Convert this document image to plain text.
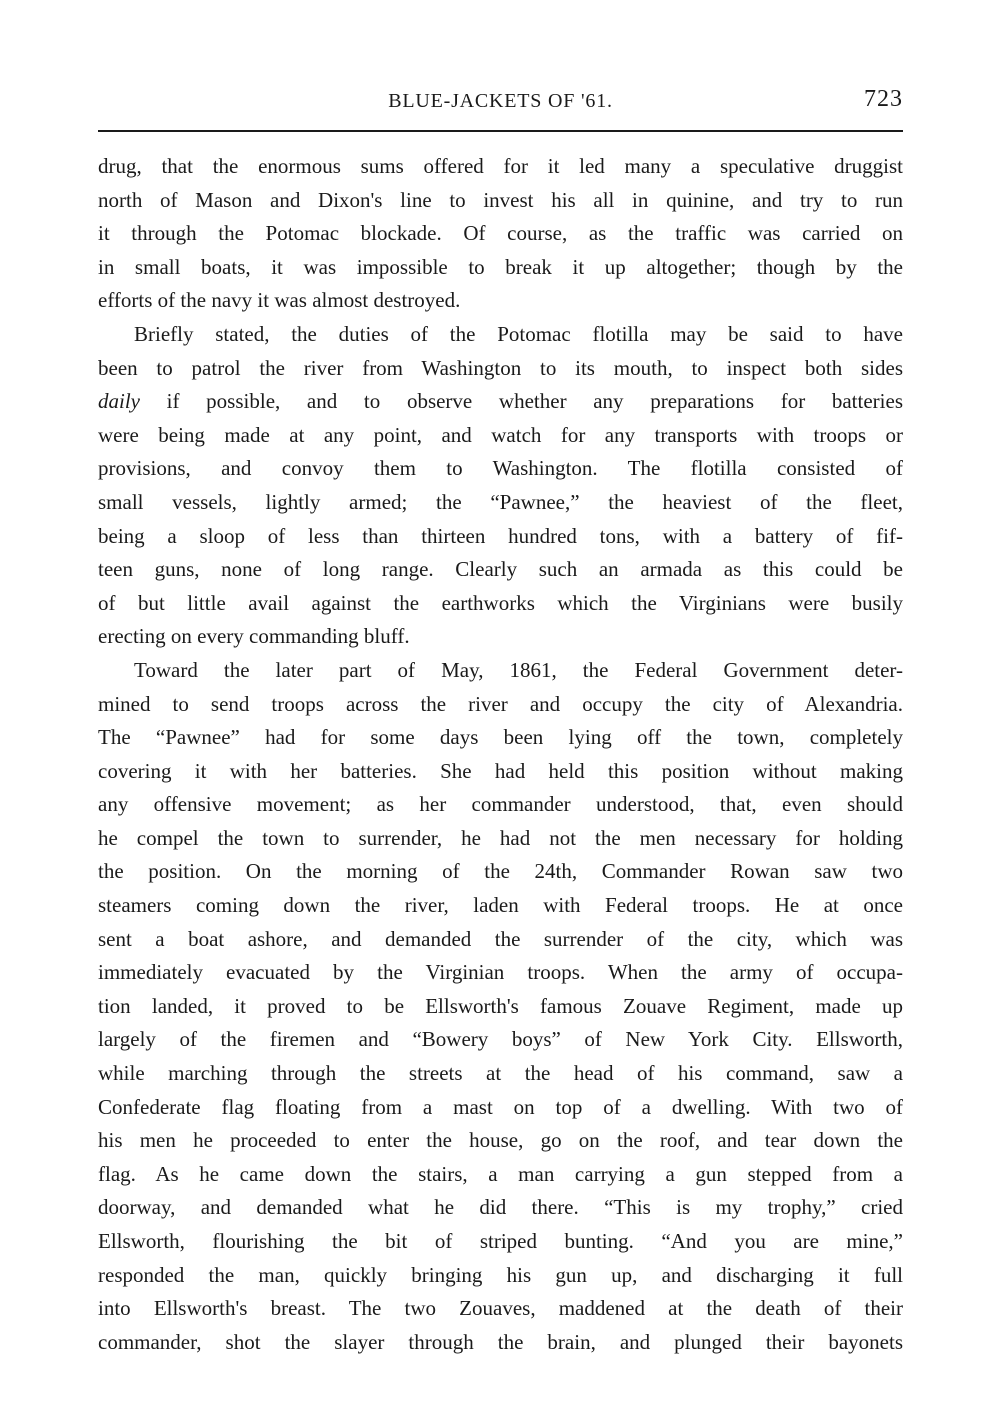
BLUE-JACKETS OF '61.	723
drug, that the enormous sums offered for it led many a speculative druggist
north of Mason and Dixon's line to invest his all in quinine, and try to run
it through the Potomac blockade. Of course, as the traffic was carried on
in small boats, it was impossible to break it up altogether; though by the
efforts of the navy it was almost destroyed.
Briefly stated, the duties of the Potomac flotilla may be said to have
been to patrol the river from Washington to its mouth, to inspect both sides
daily if possible, and to observe whether any preparations for batteries
were being made at any point, and watch for any transports with troops or
provisions, and convoy them to Washington. The flotilla consisted of
small vessels, lightly armed; the “Pawnee,” the heaviest of the fleet,
being a sloop of less than thirteen hundred tons, with a battery of fif-
teen guns, none of long range. Clearly such an armada as this could be
of but little avail against the earthworks which the Virginians were busily
erecting on every commanding bluff.
Toward the later part of May, 1861, the Federal Government deter-
mined to send troops across the river and occupy the city of Alexandria.
The “Pawnee” had for some days been lying off the town, completely
covering it with her batteries. She had held this position without making
any offensive movement; as her commander understood, that, even should
he compel the town to surrender, he had not the men necessary for holding
the position. On the morning of the 24th, Commander Rowan saw two
steamers coming down the river, laden with Federal troops. He at once
sent a boat ashore, and demanded the surrender of the city, which was
immediately evacuated by the Virginian troops. When the army of occupa-
tion landed, it proved to be Ellsworth's famous Zouave Regiment, made up
largely of the firemen and “Bowery boys” of New York City. Ellsworth,
while marching through the streets at the head of his command, saw a
Confederate flag floating from a mast on top of a dwelling. With two of
his men he proceeded to enter the house, go on the roof, and tear down the
flag. As he came down the stairs, a man carrying a gun stepped from a
doorway, and demanded what he did there. “This is my trophy,” cried
Ellsworth, flourishing the bit of striped bunting. “And you are mine,”
responded the man, quickly bringing his gun up, and discharging it full
into Ellsworth's breast. The two Zouaves, maddened at the death of their
commander, shot the slayer through the brain, and plunged their bayonets
